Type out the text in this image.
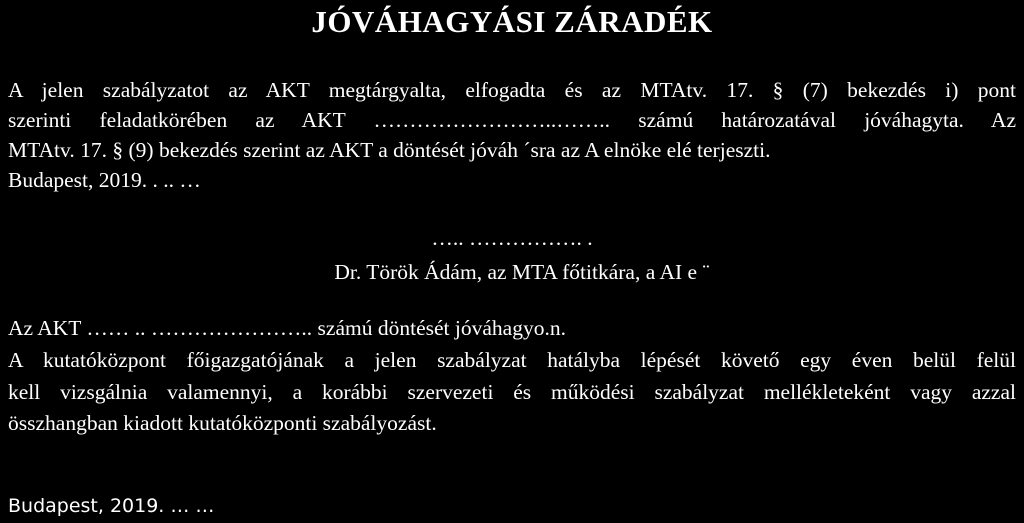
JÓVÁHAGYÁSI ZÁRADÉK
A jelen szabályzatot az AKT megtárgyalta, elfogadta és az MTAtv. 17. § (7) bekezdés i) pont
szerinti feladatkörében az AKT ……………………..…….. számú határozatával jóváhagyta. Az
MTAtv. 17. § (9) bekezdés szerint az AKT a döntését jóváh ´sra az A elnöke elé terjeszti.
Budapest, 2019. . .. …
….. ……………. .
Dr. Török Ádám, az MTA főtitkára, a AI e ¨
Az AKT …… .. ………………….. számú döntését jóváhagyo.n.
A kutatóközpont főigazgatójának a jelen szabályzat hatályba lépését követő egy éven belül felül
kell vizsgálnia valamennyi, a korábbi szervezeti és működési szabályzat mellékleteként vagy azzal
összhangban kiadott kutatóközponti szabályozást.
Budapest, 2019. … …
